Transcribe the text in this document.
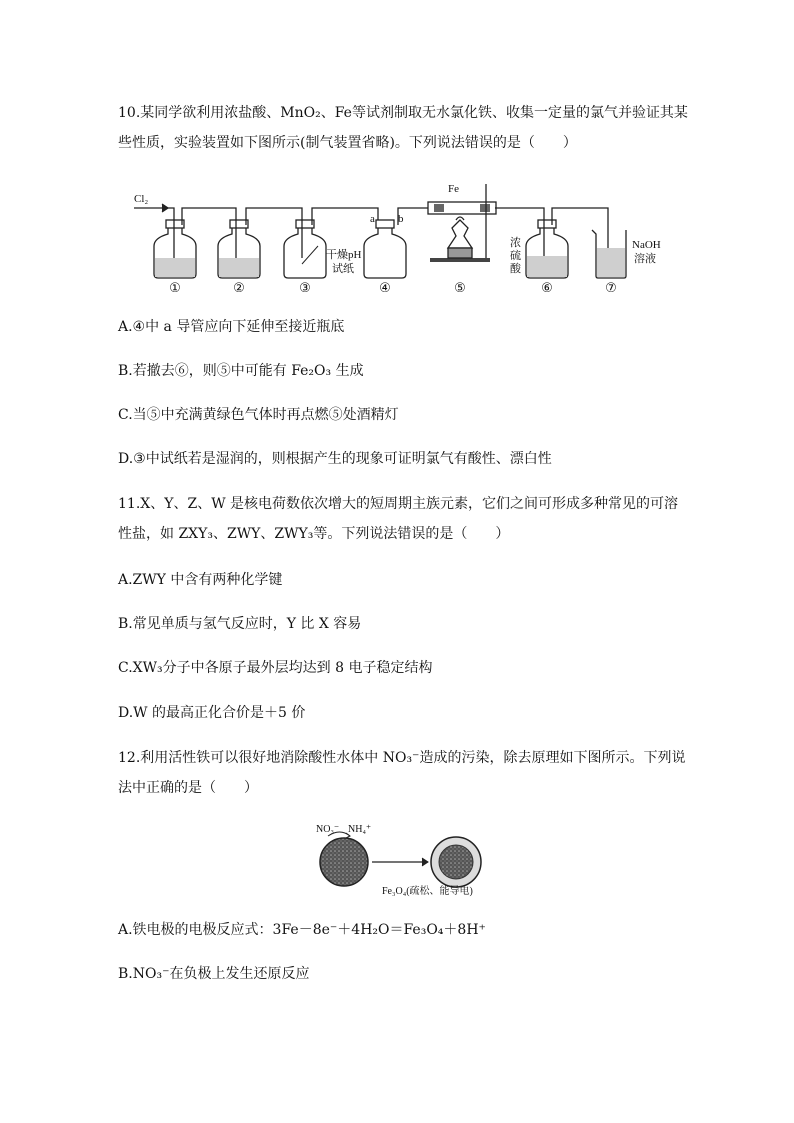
10.某同学欲利用浓盐酸、MnO₂、Fe等试剂制取无水氯化铁、收集一定量的氯气并验证其某
些性质，实验装置如下图所示(制气装置省略)。下列说法错误的是（　　）
Cl₂
Fe
a b
干燥pH
试纸
浓
硫
酸
NaOH
溶液
①	②	③	④	⑤	⑥	⑦
A.④中 a 导管应向下延伸至接近瓶底
B.若撤去⑥，则⑤中可能有 Fe₂O₃ 生成
C.当⑤中充满黄绿色气体时再点燃⑤处酒精灯
D.③中试纸若是湿润的，则根据产生的现象可证明氯气有酸性、漂白性
11.X、Y、Z、W 是核电荷数依次增大的短周期主族元素，它们之间可形成多种常见的可溶
性盐，如 ZXY₃、ZWY、ZWY₃等。下列说法错误的是（　　）
A.ZWY 中含有两种化学键
B.常见单质与氢气反应时，Y 比 X 容易
C.XW₃分子中各原子最外层均达到 8 电子稳定结构
D.W 的最高正化合价是＋5 价
12.利用活性铁可以很好地消除酸性水体中 NO₃⁻造成的污染，除去原理如下图所示。下列说
法中正确的是（　　）
NO₃⁻ NH₄⁺
Fe₃O₄(疏松、能导电)
A.铁电极的电极反应式：3Fe－8e⁻＋4H₂O＝Fe₃O₄＋8H⁺
B.NO₃⁻在负极上发生还原反应
